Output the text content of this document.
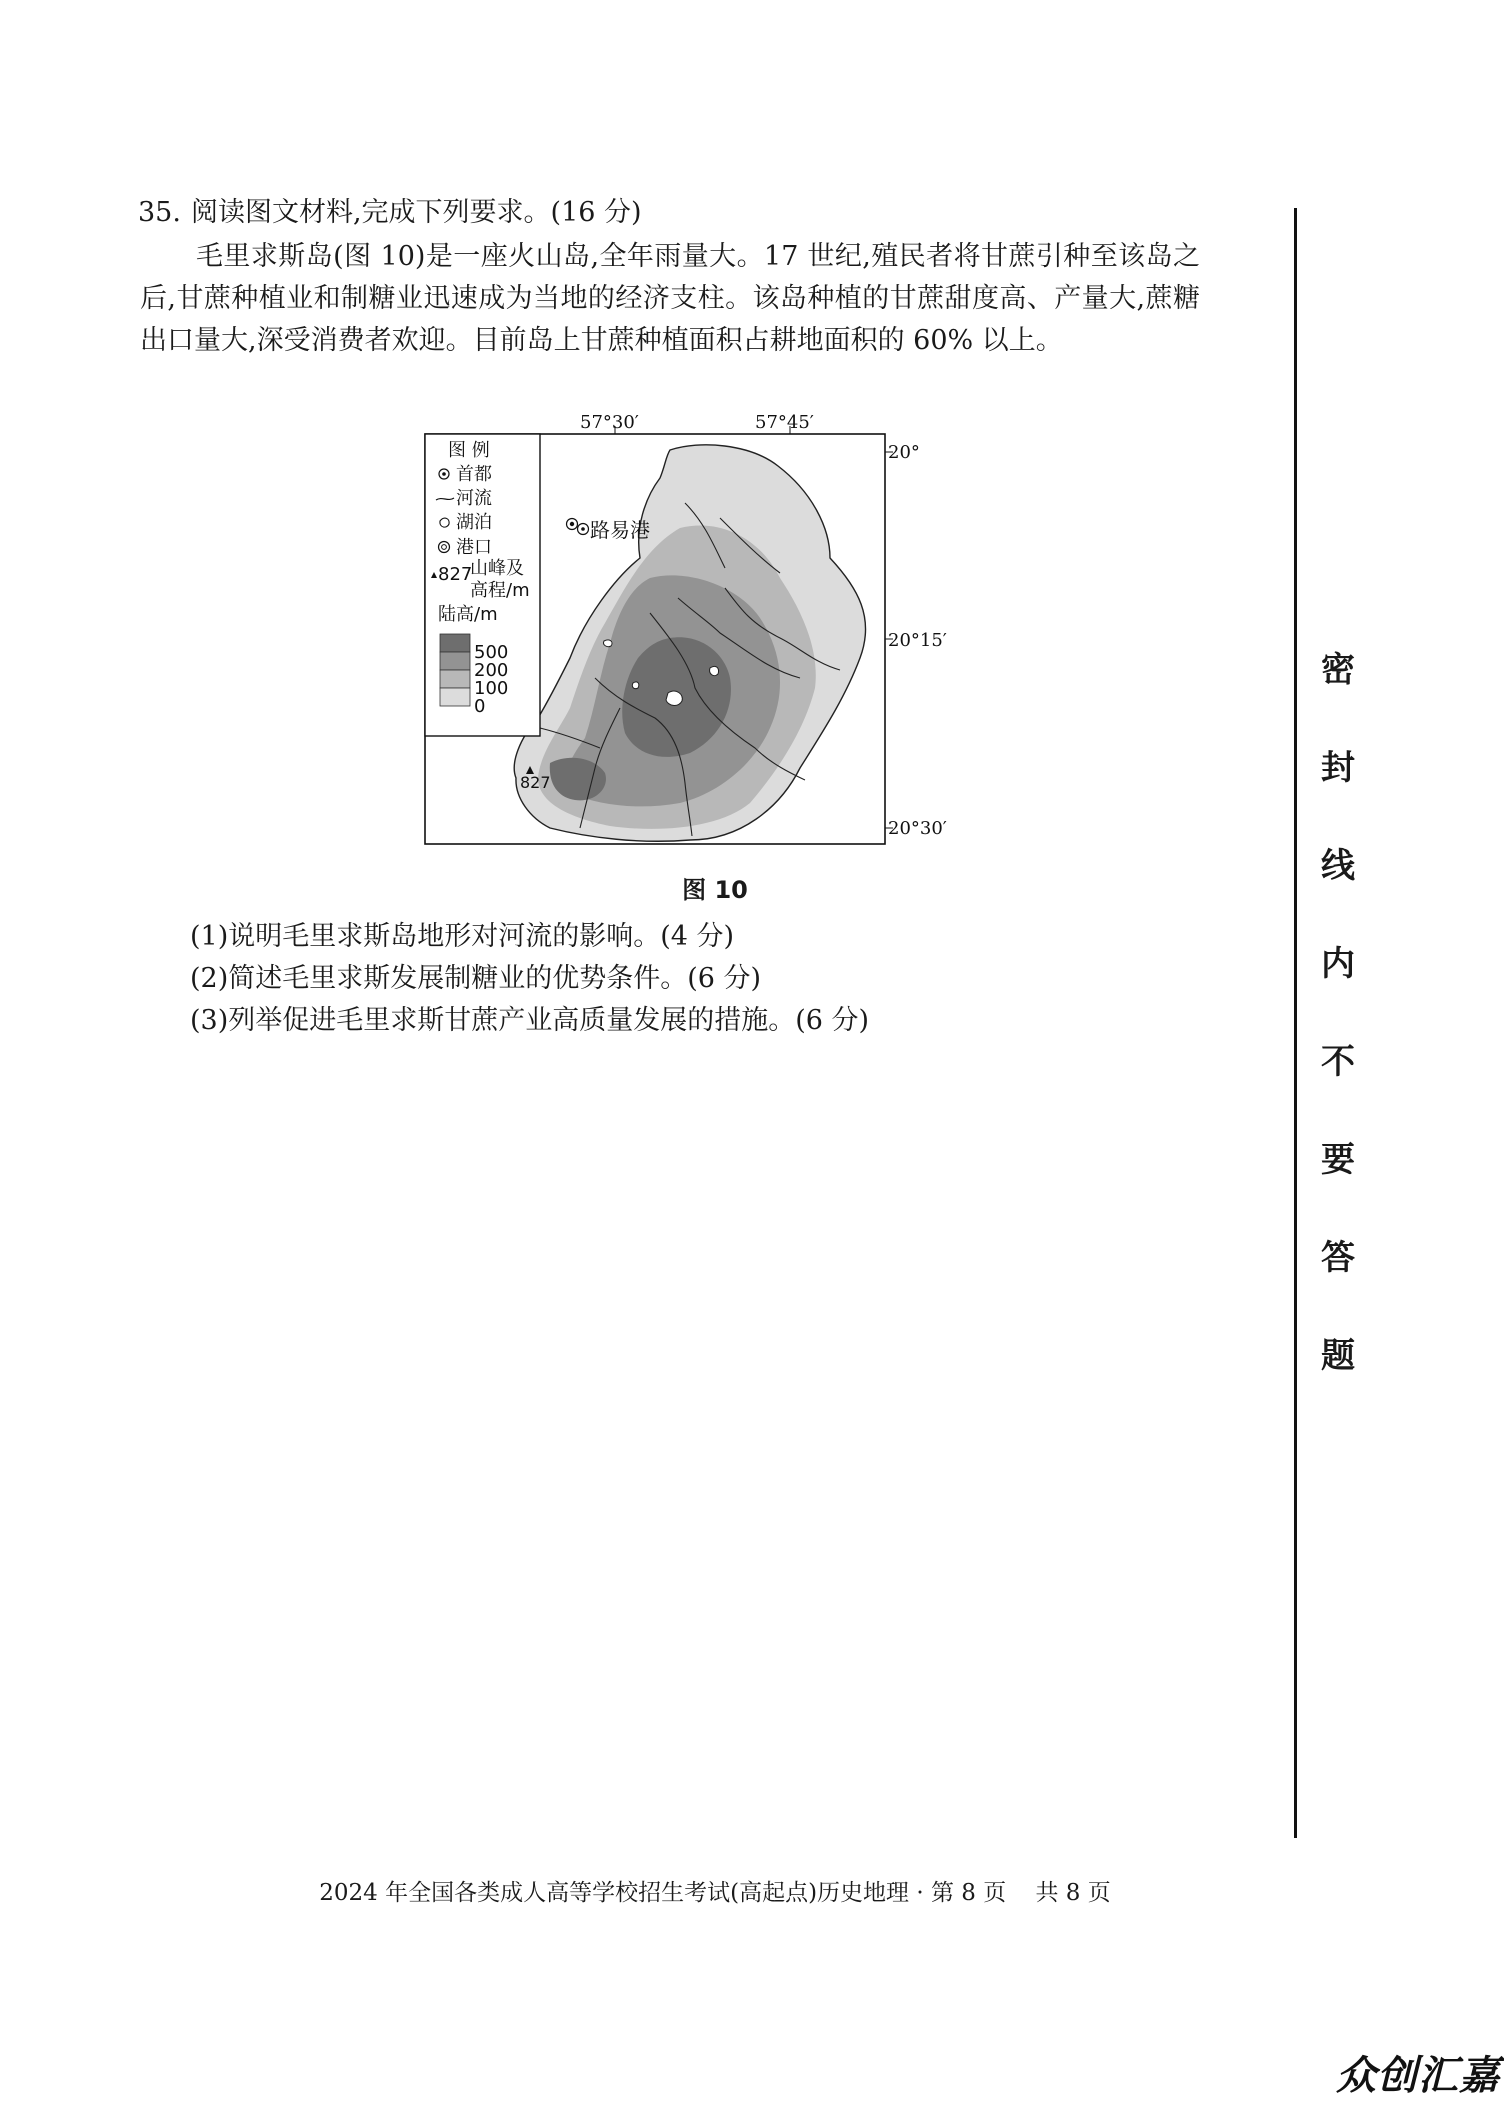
35. 阅读图文材料,完成下列要求。(16 分)
毛里求斯岛(图 10)是一座火山岛,全年雨量大。17 世纪,殖民者将甘蔗引种至该岛之后,甘蔗种植业和制糖业迅速成为当地的经济支柱。该岛种植的甘蔗甜度高、产量大,蔗糖出口量大,深受消费者欢迎。目前岛上甘蔗种植面积占耕地面积的 60% 以上。
57°30′	57°45′
20°
20°15′
20°30′
路易港
827
图 例
首都
河流
湖泊
港口
827
山峰及
高程/m
陆高/m
500
200
100
0
图 10
(1)说明毛里求斯岛地形对河流的影响。(4 分)
(2)简述毛里求斯发展制糖业的优势条件。(6 分)
(3)列举促进毛里求斯甘蔗产业高质量发展的措施。(6 分)
密
封
线
内
不
要
答
题
2024 年全国各类成人高等学校招生考试(高起点)历史地理 · 第 8 页    共 8 页
众创汇嘉
